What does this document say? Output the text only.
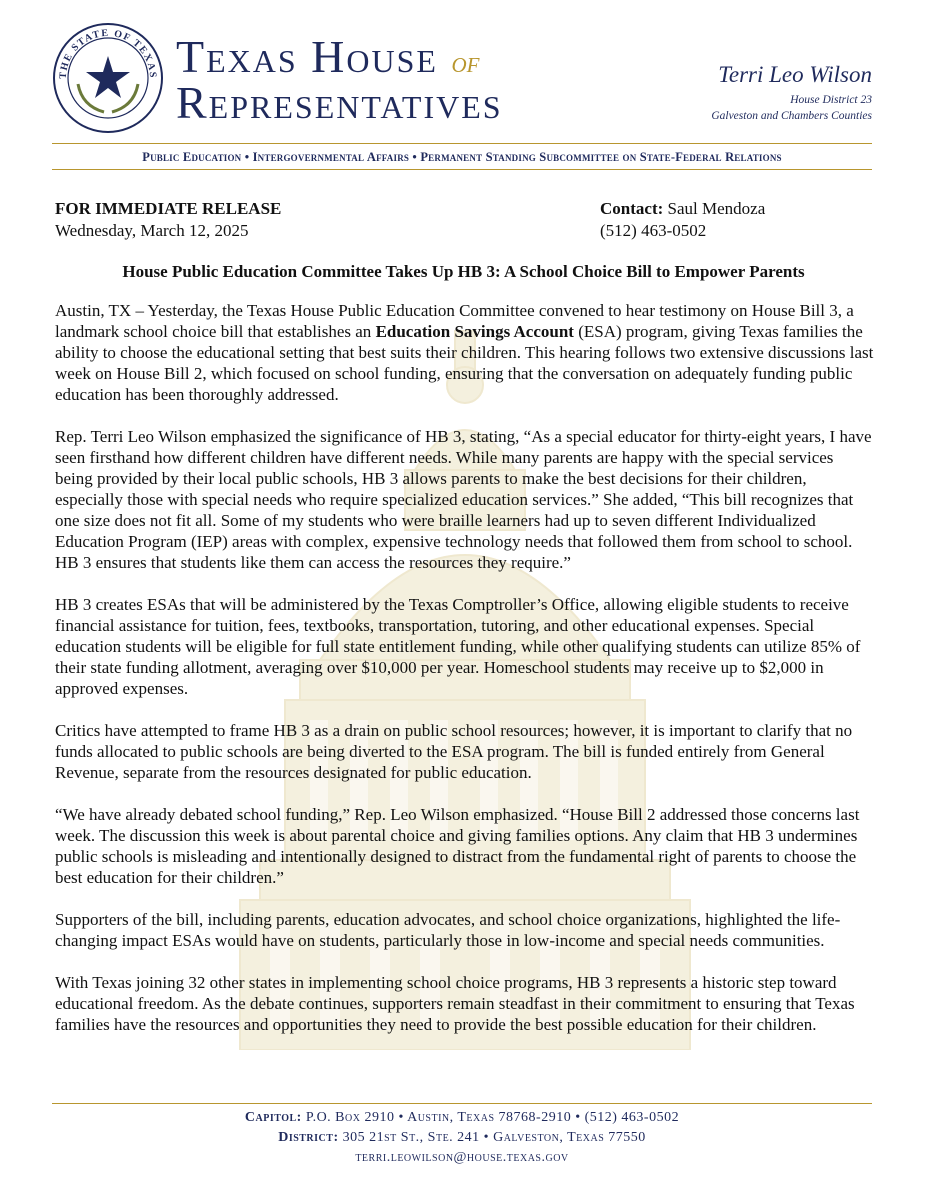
THE STATE OF TEXAS Texas House of
Representatives
Terri Leo Wilson
House District 23
Galveston and Chambers Counties
Public Education • Intergovernmental Affairs • Permanent Standing Subcommittee on State-Federal Relations
FOR IMMEDIATE RELEASE
Wednesday, March 12, 2025
Contact: Saul Mendoza
(512) 463-0502
House Public Education Committee Takes Up HB 3: A School Choice Bill to Empower Parents

Austin, TX – Yesterday, the Texas House Public Education Committee convened to hear testimony on House Bill 3, a landmark school choice bill that establishes an Education Savings Account (ESA) program, giving Texas families the ability to choose the educational setting that best suits their children. This hearing follows two extensive discussions last week on House Bill 2, which focused on school funding, ensuring that the conversation on adequately funding public education has been thoroughly addressed.

Rep. Terri Leo Wilson emphasized the significance of HB 3, stating, “As a special educator for thirty-eight years, I have seen firsthand how different children have different needs. While many parents are happy with the special services being provided by their local public schools, HB 3 allows parents to make the best decisions for their children, especially those with special needs who require specialized education services.” She added, “This bill recognizes that one size does not fit all. Some of my students who were braille learners had up to seven different Individualized Education Program (IEP) areas with complex, expensive technology needs that followed them from school to school. HB 3 ensures that students like them can access the resources they require.”

HB 3 creates ESAs that will be administered by the Texas Comptroller’s Office, allowing eligible students to receive financial assistance for tuition, fees, textbooks, transportation, tutoring, and other educational expenses. Special education students will be eligible for full state entitlement funding, while other qualifying students can utilize 85% of their state funding allotment, averaging over $10,000 per year. Homeschool students may receive up to $2,000 in approved expenses.

Critics have attempted to frame HB 3 as a drain on public school resources; however, it is important to clarify that no funds allocated to public schools are being diverted to the ESA program. The bill is funded entirely from General Revenue, separate from the resources designated for public education.

“We have already debated school funding,” Rep. Leo Wilson emphasized. “House Bill 2 addressed those concerns last week. The discussion this week is about parental choice and giving families options. Any claim that HB 3 undermines public schools is misleading and intentionally designed to distract from the fundamental right of parents to choose the best education for their children.”

Supporters of the bill, including parents, education advocates, and school choice organizations, highlighted the life-changing impact ESAs would have on students, particularly those in low-income and special needs communities.

With Texas joining 32 other states in implementing school choice programs, HB 3 represents a historic step toward educational freedom. As the debate continues, supporters remain steadfast in their commitment to ensuring that Texas families have the resources and opportunities they need to provide the best possible education for their children.

Capitol: P.O. Box 2910 • Austin, Texas 78768-2910 • (512) 463-0502
District: 305 21st St., Ste. 241 • Galveston, Texas 77550
terri.leowilson@house.texas.gov
